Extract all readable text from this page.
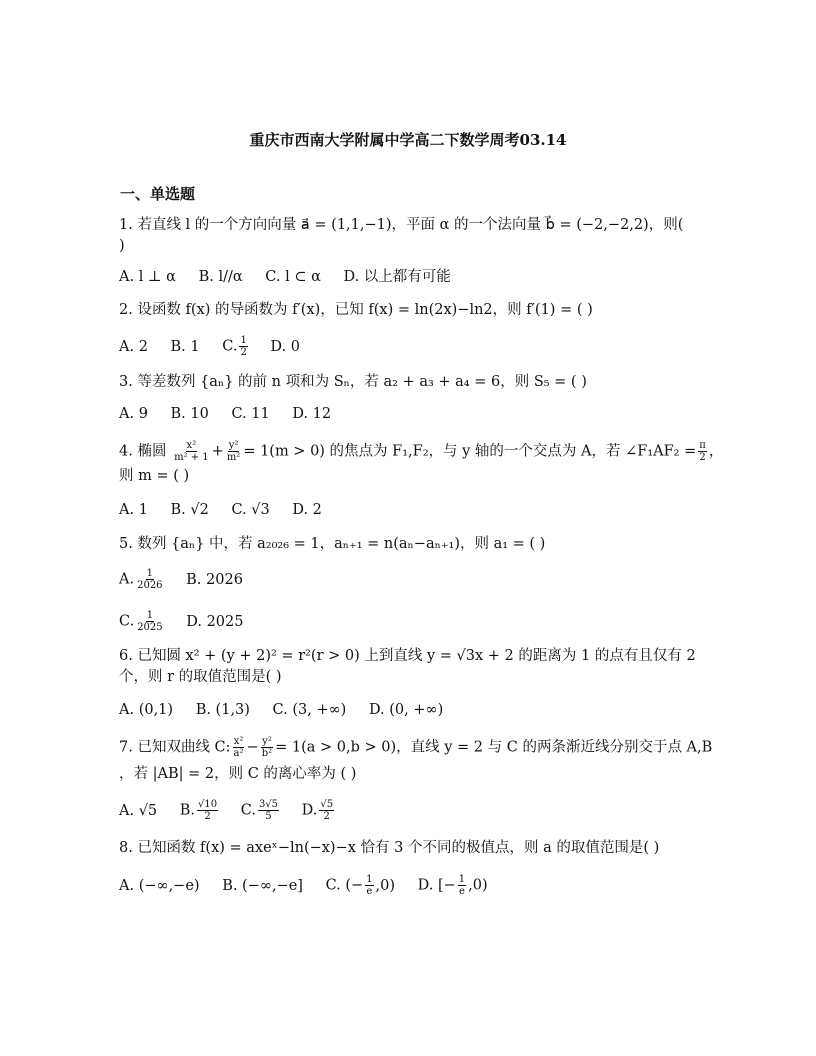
重庆市西南大学附属中学高二下数学周考03.14
一、单选题
1. 若直线 l 的一个方向向量 a⃗ = (1,1,−1)，平面 α 的一个法向量 b⃗ = (−2,−2,2)，则(
)
A. l ⊥ α B. l//α C. l ⊂ α D. 以上都有可能
2. 设函数 f(x) 的导函数为 f′(x)，已知 f(x) = ln(2x)−ln2，则 f′(1) = ( )
A. 2 B. 1 C. $\frac{1}{2} D$. 0
3. 等差数列 {aₙ} 的前 n 项和为 Sₙ，若 a₂ + a₃ + a₄ = 6，则 S₅ = ( )
A. 9 B. 10 C. 11 D. 12
4. 椭圆 $\frac{\text{x²}}{\text{m² + 1}} + \frac{\text{y²}}{\text{m²}} = 1(m > 0)$ 的焦点为 F₁,F₂，与 y 轴的一个交点为 A，若 ∠F₁AF₂ = $\frac{\pi}{2}$ ，
则 m = ( )
A. 1 B. √2 C. √3 D. 2
5. 数列 {aₙ} 中，若 a₂₀₂₆ = 1，aₙ₊₁ = n(aₙ−aₙ₊₁)，则 a₁ = ( )
A. $\frac{1}{2026} B$. 2026
C. $\frac{1}{2025} D$. 2025
6. 已知圆 x² + (y + 2)² = r²(r > 0) 上到直线 y = √3x + 2 的距离为 1 的点有且仅有 2
个，则 r 的取值范围是( )
A. (0,1) B. (1,3) C. (3, +∞) D. (0, +∞)
7. 已知双曲线 C: $\frac{\text{x²}}{\text{a²}} - \frac{\text{y²}}{\text{b²}} = 1(a > 0,b > 0)$，直线 y = 2 与 C 的两条渐近线分别交于点 A,B
，若 |AB| = 2，则 C 的离心率为 ( )
A. √5 B. $\frac{√10}{2} C$. $\frac{3√5}{5} D$. $\frac{√5}{2}$
8. 已知函数 f(x) = axeˣ−ln(−x)−x 恰有 3 个不同的极值点，则 a 的取值范围是( )
A. (−∞,−e) B. (−∞,−e] C. (− $\frac{1}{e} ,0$) D. [− $\frac{1}{e} ,0$)
